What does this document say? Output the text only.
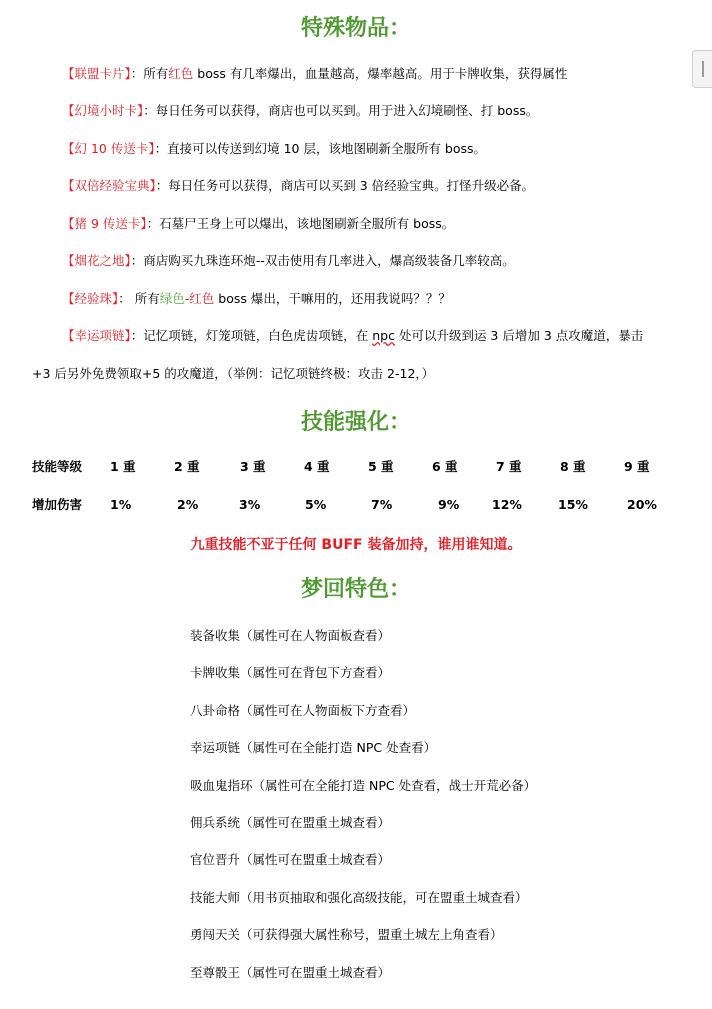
特殊物品：
【联盟卡片】：所有红色 boss 有几率爆出，血量越高，爆率越高。用于卡牌收集，获得属性
【幻境小时卡】：每日任务可以获得，商店也可以买到。用于进入幻境刷怪、打 boss。
【幻 10 传送卡】：直接可以传送到幻境 10 层，该地图刷新全服所有 boss。
【双倍经验宝典】：每日任务可以获得，商店可以买到 3 倍经验宝典。打怪升级必备。
【猪 9 传送卡】：石墓尸王身上可以爆出，该地图刷新全服所有 boss。
【烟花之地】：商店购买九珠连环炮--双击使用有几率进入，爆高级装备几率较高。
【经验珠】： 所有绿色-红色 boss 爆出，干嘛用的，还用我说吗？？？
【幸运项链】：记忆项链，灯笼项链，白色虎齿项链，在 npc 处可以升级到运 3 后增加 3 点攻魔道，暴击
+3 后另外免费领取+5 的攻魔道，（举例：记忆项链终极：攻击 2-12，）
技能强化：
技能等级 1 重	2 重	3 重	4 重	5 重	6 重	7 重	8 重	9 重
增加伤害 1%	2%	3%	5%	7%	9%	12%	15%	20%
九重技能不亚于任何 BUFF 装备加持，谁用谁知道。
梦回特色：
装备收集（属性可在人物面板查看）
卡牌收集（属性可在背包下方查看）
八卦命格（属性可在人物面板下方查看）
幸运项链（属性可在全能打造 NPC 处查看）
吸血鬼指环（属性可在全能打造 NPC 处查看，战士开荒必备）
佣兵系统（属性可在盟重土城查看）
官位晋升（属性可在盟重土城查看）
技能大师（用书页抽取和强化高级技能，可在盟重土城查看）
勇闯天关（可获得强大属性称号，盟重土城左上角查看）
至尊骰王（属性可在盟重土城查看）
